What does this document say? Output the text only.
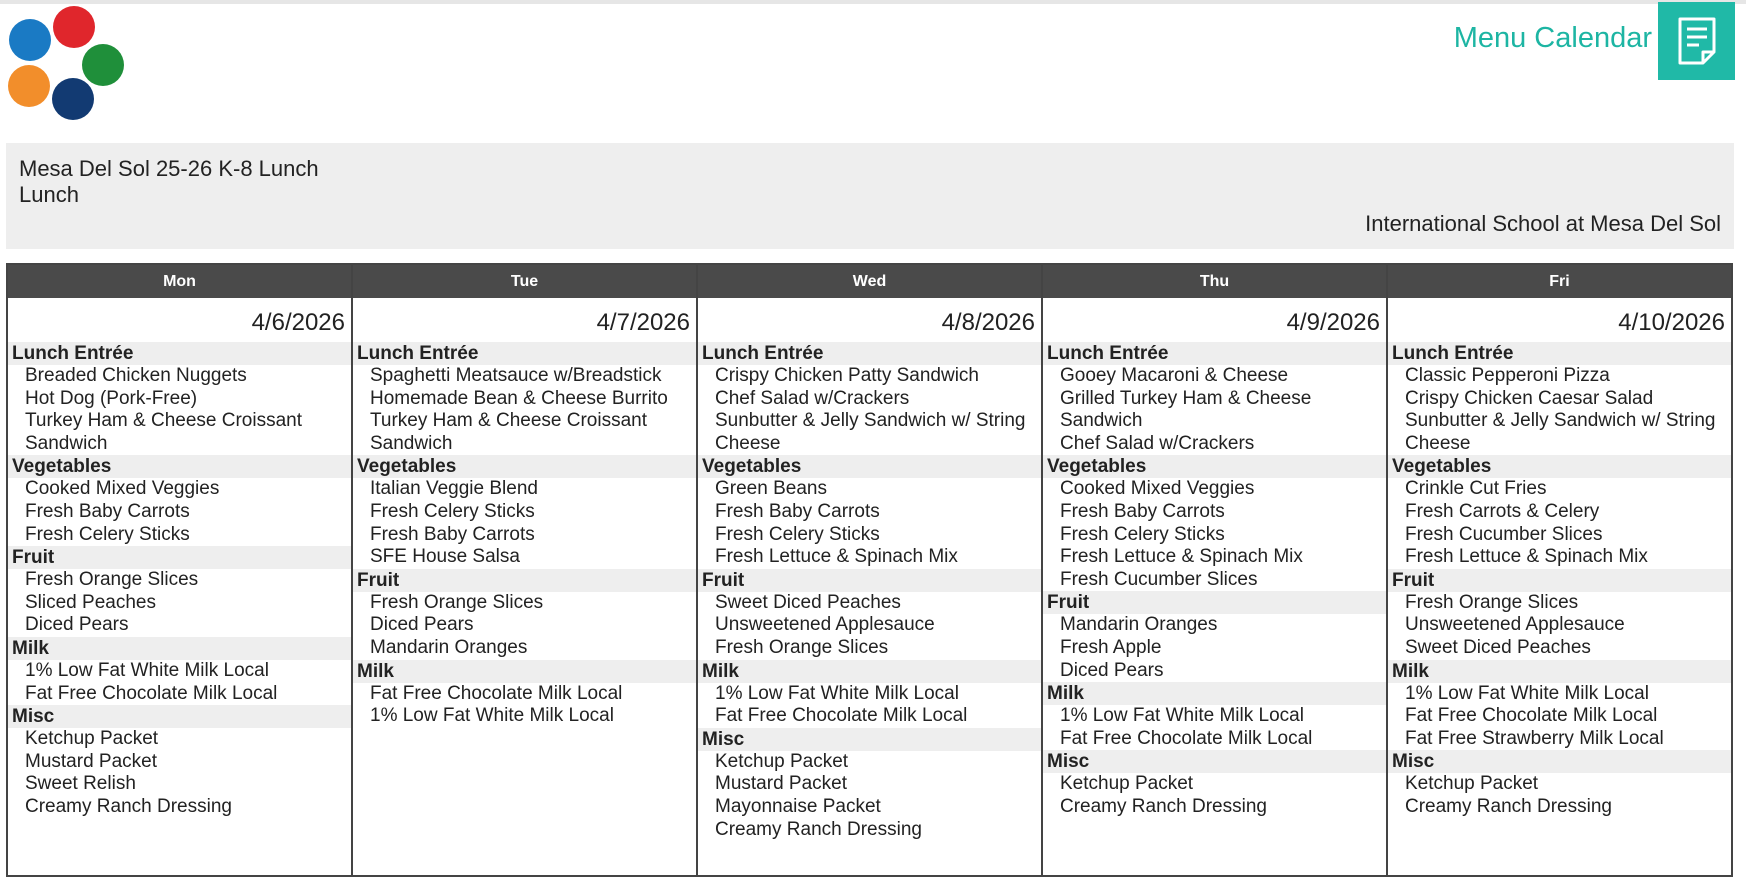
Menu Calendar
Mesa Del Sol 25-26 K-8 Lunch
Lunch
International School at Mesa Del Sol
Mon
4/6/2026
Lunch Entrée
Breaded Chicken Nuggets
Hot Dog (Pork-Free)
Turkey Ham & Cheese Croissant Sandwich
Vegetables
Cooked Mixed Veggies
Fresh Baby Carrots
Fresh Celery Sticks
Fruit
Fresh Orange Slices
Sliced Peaches
Diced Pears
Milk
1% Low Fat White Milk Local
Fat Free Chocolate Milk Local
Misc
Ketchup Packet
Mustard Packet
Sweet Relish
Creamy Ranch Dressing
Tue
4/7/2026
Lunch Entrée
Spaghetti Meatsauce w/Breadstick
Homemade Bean & Cheese Burrito
Turkey Ham & Cheese Croissant Sandwich
Vegetables
Italian Veggie Blend
Fresh Celery Sticks
Fresh Baby Carrots
SFE House Salsa
Fruit
Fresh Orange Slices
Diced Pears
Mandarin Oranges
Milk
Fat Free Chocolate Milk Local
1% Low Fat White Milk Local
Wed
4/8/2026
Lunch Entrée
Crispy Chicken Patty Sandwich
Chef Salad w/Crackers
Sunbutter & Jelly Sandwich w/ String Cheese
Vegetables
Green Beans
Fresh Baby Carrots
Fresh Celery Sticks
Fresh Lettuce & Spinach Mix
Fruit
Sweet Diced Peaches
Unsweetened Applesauce
Fresh Orange Slices
Milk
1% Low Fat White Milk Local
Fat Free Chocolate Milk Local
Misc
Ketchup Packet
Mustard Packet
Mayonnaise Packet
Creamy Ranch Dressing
Thu
4/9/2026
Lunch Entrée
Gooey Macaroni & Cheese
Grilled Turkey Ham & Cheese Sandwich
Chef Salad w/Crackers
Vegetables
Cooked Mixed Veggies
Fresh Baby Carrots
Fresh Celery Sticks
Fresh Lettuce & Spinach Mix
Fresh Cucumber Slices
Fruit
Mandarin Oranges
Fresh Apple
Diced Pears
Milk
1% Low Fat White Milk Local
Fat Free Chocolate Milk Local
Misc
Ketchup Packet
Creamy Ranch Dressing
Fri
4/10/2026
Lunch Entrée
Classic Pepperoni Pizza
Crispy Chicken Caesar Salad
Sunbutter & Jelly Sandwich w/ String Cheese
Vegetables
Crinkle Cut Fries
Fresh Carrots & Celery
Fresh Cucumber Slices
Fresh Lettuce & Spinach Mix
Fruit
Fresh Orange Slices
Unsweetened Applesauce
Sweet Diced Peaches
Milk
1% Low Fat White Milk Local
Fat Free Chocolate Milk Local
Fat Free Strawberry Milk Local
Misc
Ketchup Packet
Creamy Ranch Dressing
